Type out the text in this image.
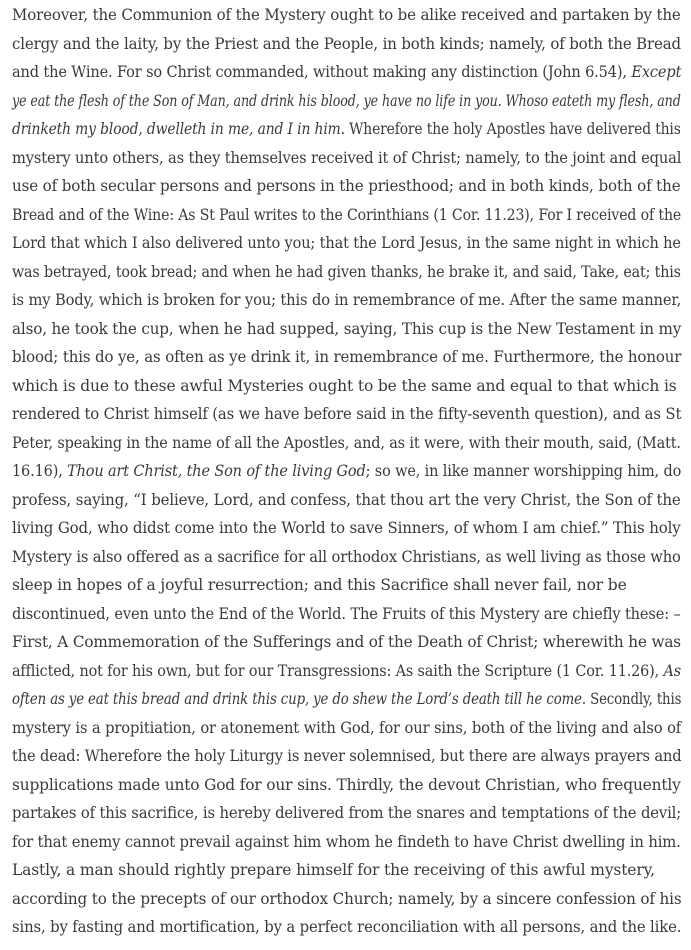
Moreover, the Communion of the Mystery ought to be alike received and partaken by the
clergy and the laity, by the Priest and the People, in both kinds; namely, of both the Bread
and the Wine. For so Christ commanded, without making any distinction (John 6.54), Except
ye eat the flesh of the Son of Man, and drink his blood, ye have no life in you. Whoso eateth my flesh, and
drinketh my blood, dwelleth in me, and I in him. Wherefore the holy Apostles have delivered this
mystery unto others, as they themselves received it of Christ; namely, to the joint and equal
use of both secular persons and persons in the priesthood; and in both kinds, both of the
Bread and of the Wine: As St Paul writes to the Corinthians (1 Cor. 11.23), For I received of the
Lord that which I also delivered unto you; that the Lord Jesus, in the same night in which he
was betrayed, took bread; and when he had given thanks, he brake it, and said, Take, eat; this
is my Body, which is broken for you; this do in remembrance of me. After the same manner,
also, he took the cup, when he had supped, saying, This cup is the New Testament in my
blood; this do ye, as often as ye drink it, in remembrance of me. Furthermore, the honour
which is due to these awful Mysteries ought to be the same and equal to that which is
rendered to Christ himself (as we have before said in the fifty-seventh question), and as St
Peter, speaking in the name of all the Apostles, and, as it were, with their mouth, said, (Matt.
16.16), Thou art Christ, the Son of the living God; so we, in like manner worshipping him, do
profess, saying, “I believe, Lord, and confess, that thou art the very Christ, the Son of the
living God, who didst come into the World to save Sinners, of whom I am chief.” This holy
Mystery is also offered as a sacrifice for all orthodox Christians, as well living as those who
sleep in hopes of a joyful resurrection; and this Sacrifice shall never fail, nor be
discontinued, even unto the End of the World. The Fruits of this Mystery are chiefly these: –
First, A Commemoration of the Sufferings and of the Death of Christ; wherewith he was
afflicted, not for his own, but for our Transgressions: As saith the Scripture (1 Cor. 11.26), As
often as ye eat this bread and drink this cup, ye do shew the Lord’s death till he come. Secondly, this
mystery is a propitiation, or atonement with God, for our sins, both of the living and also of
the dead: Wherefore the holy Liturgy is never solemnised, but there are always prayers and
supplications made unto God for our sins. Thirdly, the devout Christian, who frequently
partakes of this sacrifice, is hereby delivered from the snares and temptations of the devil;
for that enemy cannot prevail against him whom he findeth to have Christ dwelling in him.
Lastly, a man should rightly prepare himself for the receiving of this awful mystery,
according to the precepts of our orthodox Church; namely, by a sincere confession of his
sins, by fasting and mortification, by a perfect reconciliation with all persons, and the like.
